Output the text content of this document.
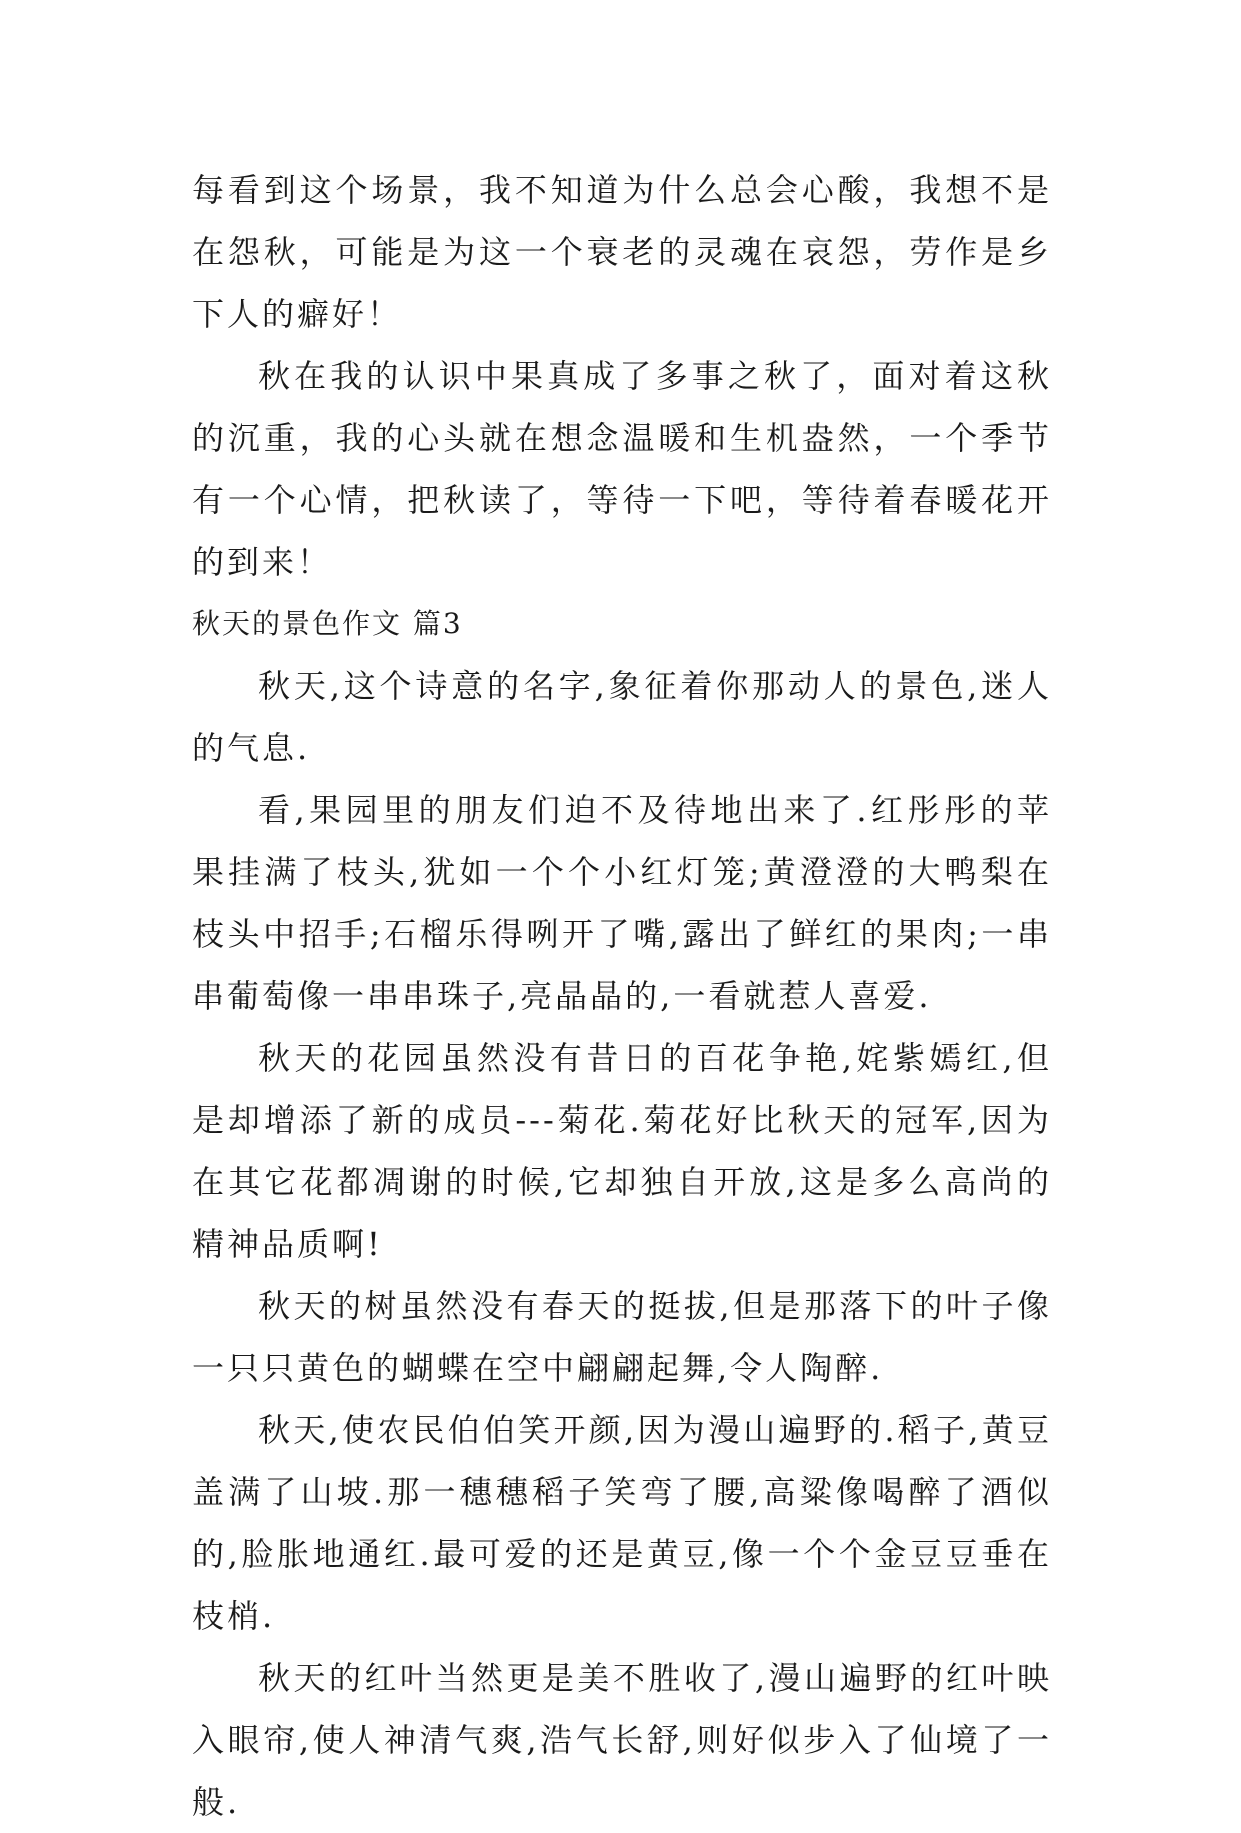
每看到这个场景，我不知道为什么总会心酸，我想不是在怨秋，可能是为这一个衰老的灵魂在哀怨，劳作是乡下人的癖好！

秋在我的认识中果真成了多事之秋了，面对着这秋的沉重，我的心头就在想念温暖和生机盎然，一个季节有一个心情，把秋读了，等待一下吧，等待着春暖花开的到来！

秋天的景色作文 篇3

秋天,这个诗意的名字,象征着你那动人的景色,迷人的气息.

看,果园里的朋友们迫不及待地出来了.红彤彤的苹果挂满了枝头,犹如一个个小红灯笼;黄澄澄的大鸭梨在枝头中招手;石榴乐得咧开了嘴,露出了鲜红的果肉;一串串葡萄像一串串珠子,亮晶晶的,一看就惹人喜爱.

秋天的花园虽然没有昔日的百花争艳,姹紫嫣红,但是却增添了新的成员---菊花.菊花好比秋天的冠军,因为在其它花都凋谢的时候,它却独自开放,这是多么高尚的精神品质啊!

秋天的树虽然没有春天的挺拔,但是那落下的叶子像一只只黄色的蝴蝶在空中翩翩起舞,令人陶醉.

秋天,使农民伯伯笑开颜,因为漫山遍野的.稻子,黄豆盖满了山坡.那一穗穗稻子笑弯了腰,高粱像喝醉了酒似的,脸胀地通红.最可爱的还是黄豆,像一个个金豆豆垂在枝梢.

秋天的红叶当然更是美不胜收了,漫山遍野的红叶映入眼帘,使人神清气爽,浩气长舒,则好似步入了仙境了一般.
